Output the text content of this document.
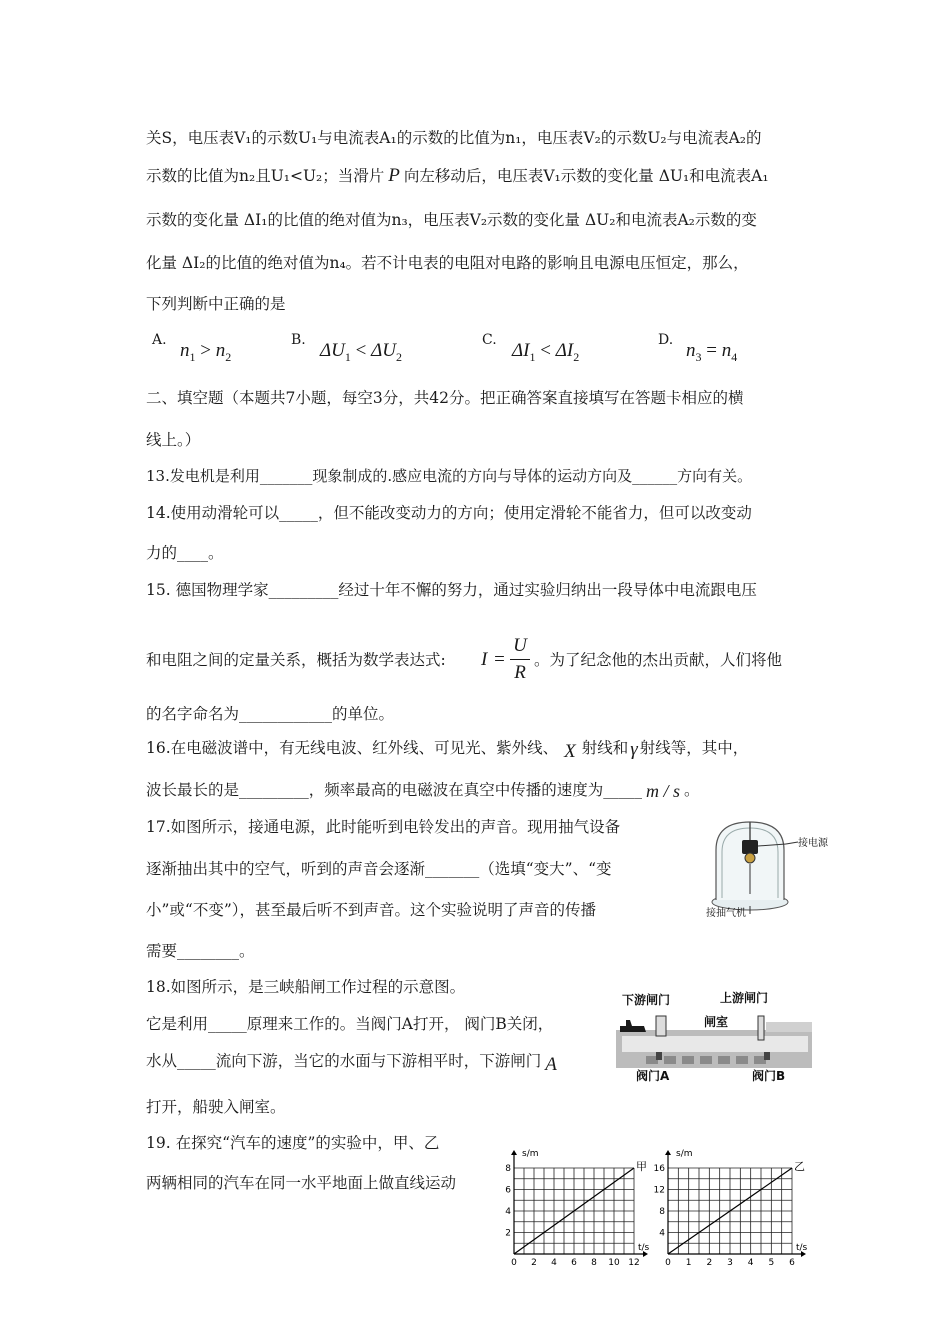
关S，电压表V₁的示数U₁与电流表A₁的示数的比值为n₁，电压表V₂的示数U₂与电流表A₂的
示数的比值为n₂且U₁<U₂；当滑片 P 向左移动后，电压表V₁示数的变化量 ΔU₁和电流表A₁
示数的变化量 ΔI₁的比值的绝对值为n₃，电压表V₂示数的变化量 ΔU₂和电流表A₂示数的变
化量 ΔI₂的比值的绝对值为n₄。若不计电表的电阻对电路的影响且电源电压恒定，那么，
下列判断中正确的是
A. $n_1 > n_2$
B. $\Delta U_1 < \Delta U_2$
C. $\Delta I_1 < \Delta I_2$
D. $n_3 = n_4$
二、填空题（本题共7小题，每空3分，共42分。把正确答案直接填写在答题卡相应的横
线上。）
13.发电机是利用_______现象制成的.感应电流的方向与导体的运动方向及______方向有关。
14.使用动滑轮可以_____，但不能改变动力的方向；使用定滑轮不能省力，但可以改变动
力的____。
15. 德国物理学家_________经过十年不懈的努力，通过实验归纳出一段导体中电流跟电压
和电阻之间的定量关系，概括为数学表达式: I =
U
R
。为了纪念他的杰出贡献，人们将他
的名字命名为____________的单位。
16.在电磁波谱中，有无线电波、红外线、可见光、紫外线、 X 射线和 γ 射线等，其中，
波长最长的是_________，频率最高的电磁波在真空中传播的速度为_____ m / s 。
17.如图所示，接通电源，此时能听到电铃发出的声音。现用抽气设备
逐渐抽出其中的空气，听到的声音会逐渐_______（选填“变大”、“变
小”或“不变”），甚至最后听不到声音。这个实验说明了声音的传播
需要________。
接电源
接抽气机
18.如图所示，是三峡船闸工作过程的示意图。
它是利用_____原理来工作的。当阀门A打开， 阀门B关闭，
水从_____流向下游，当它的水面与下游相平时，下游闸门 A
打开，船驶入闸室。
下游闸门	上游闸门
闸室
阀门A	阀门B
19. 在探究“汽车的速度”的实验中，甲、乙
两辆相同的汽车在同一水平地面上做直线运动
0 2 4 6 8 10 12
2
4
6
8
s/m
t/s
甲
0 1 2 3 4 5 6
4
8
12
16
s/m
t/s
乙
